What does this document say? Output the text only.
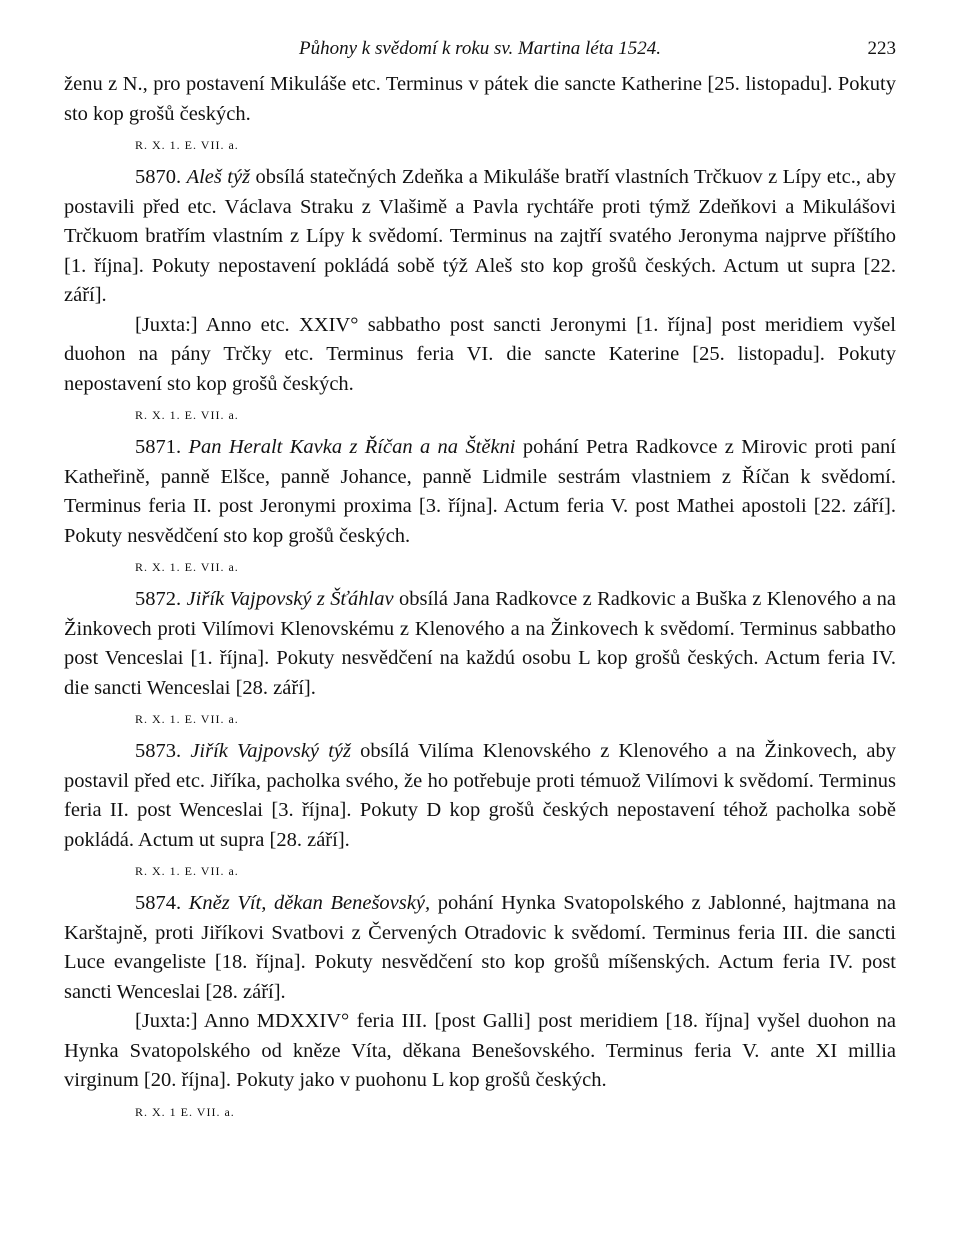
Půhony k svědomí k roku sv. Martina léta 1524.	223

ženu z N., pro postavení Mikuláše etc. Terminus v pátek die sancte Katherine [25. listopadu]. Pokuty sto kop grošů českých.

R. X. 1. E. VII. a.

5870. Aleš týž obsílá statečných Zdeňka a Mikuláše bratří vlastních Trčkuov z Lípy etc., aby postavili před etc. Václava Straku z Vlašimě a Pavla rychtáře proti týmž Zdeňkovi a Mikulášovi Trčkuom bratřím vlastním z Lípy k svědomí. Terminus na zajtří svatého Jeronyma najprve příštího [1. října]. Pokuty nepostavení pokládá sobě týž Aleš sto kop grošů českých. Actum ut supra [22. září].

[Juxta:] Anno etc. XXIV° sabbatho post sancti Jeronymi [1. října] post meridiem vyšel duohon na pány Trčky etc. Terminus feria VI. die sancte Katerine [25. listopadu]. Pokuty nepostavení sto kop grošů českých.

R. X. 1. E. VII. a.

5871. Pan Heralt Kavka z Říčan a na Štěkni pohání Petra Radkovce z Mirovic proti paní Katheřině, panně Elšce, panně Johance, panně Lidmile sestrám vlastniem z Říčan k svědomí. Terminus feria II. post Jeronymi proxima [3. října]. Actum feria V. post Mathei apostoli [22. září]. Pokuty nesvědčení sto kop grošů českých.

R. X. 1. E. VII. a.

5872. Jiřík Vajpovský z Šťáhlav obsílá Jana Radkovce z Radkovic a Buška z Klenového a na Žinkovech proti Vilímovi Klenovskému z Klenového a na Žinkovech k svědomí. Terminus sabbatho post Venceslai [1. října]. Pokuty nesvědčení na každú osobu L kop grošů českých. Actum feria IV. die sancti Wenceslai [28. září].

R. X. 1. E. VII. a.

5873. Jiřík Vajpovský týž obsílá Vilíma Klenovského z Klenového a na Žinkovech, aby postavil před etc. Jiříka, pacholka svého, že ho potřebuje proti témuož Vilímovi k svědomí. Terminus feria II. post Wenceslai [3. října]. Pokuty D kop grošů českých nepostavení téhož pacholka sobě pokládá. Actum ut supra [28. září].

R. X. 1. E. VII. a.

5874. Kněz Vít, děkan Benešovský, pohání Hynka Svatopolského z Jablonné, hajtmana na Karštajně, proti Jiříkovi Svatbovi z Červených Otradovic k svědomí. Terminus feria III. die sancti Luce evangeliste [18. října]. Pokuty nesvědčení sto kop grošů míšenských. Actum feria IV. post sancti Wenceslai [28. září].

[Juxta:] Anno MDXXIV° feria III. [post Galli] post meridiem [18. října] vyšel duohon na Hynka Svatopolského od kněze Víta, děkana Benešovského. Terminus feria V. ante XI millia virginum [20. října]. Pokuty jako v puohonu L kop grošů českých.

R. X. 1 E. VII. a.
